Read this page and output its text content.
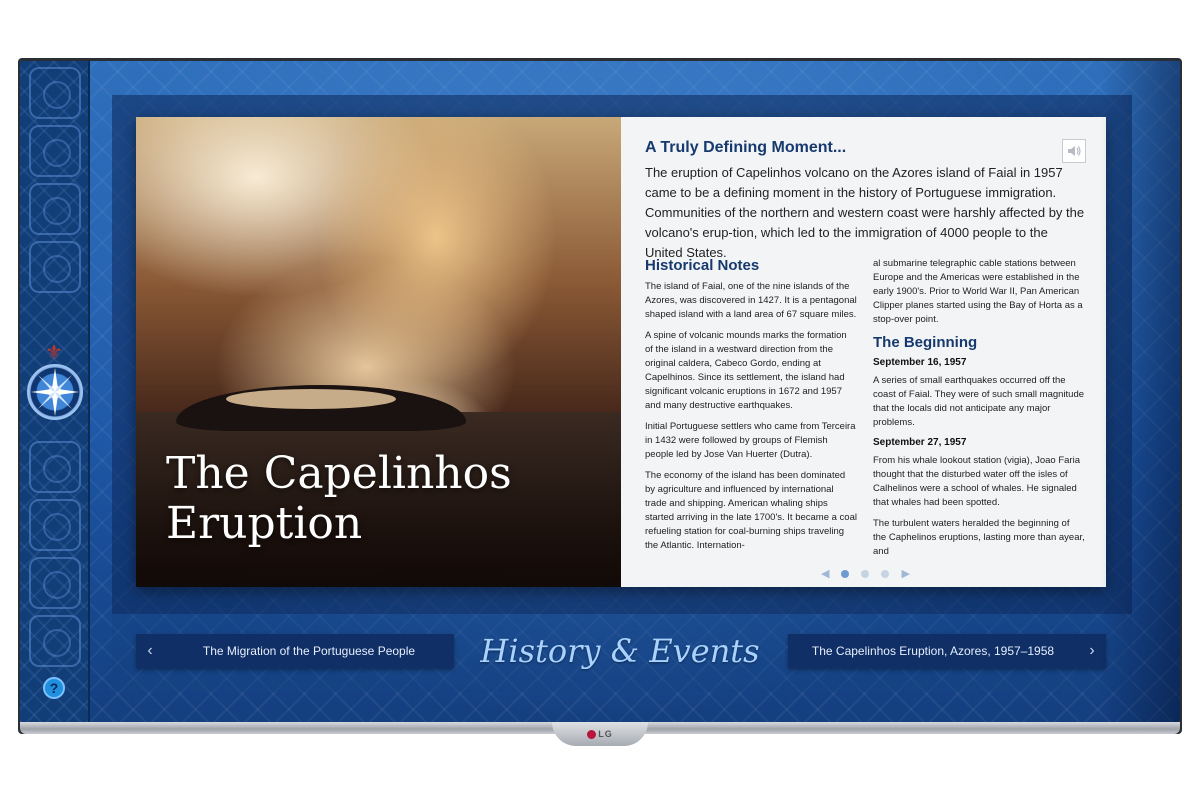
⚜
?
The Capelinhos
Eruption
A Truly Defining Moment...

The eruption of Capelinhos volcano on the Azores island of Faial in 1957 came to be a defining moment in the history of Portuguese immigration. Communities of the northern and western coast were harshly affected by the volcano's erup-tion, which led to the immigration of 4000 people to the United States.

Historical Notes

The island of Faial, one of the nine islands of the Azores, was discovered in 1427. It is a pentagonal shaped island with a land area of 67 square miles.

A spine of volcanic mounds marks the formation of the island in a westward direction from the original caldera, Cabeco Gordo, ending at Capelhinos. Since its settlement, the island had significant volcanic eruptions in 1672 and 1957 and many destructive earthquakes.

Initial Portuguese settlers who came from Terceira in 1432 were followed by groups of Flemish people led by Jose Van Huerter (Dutra).

The economy of the island has been dominated by agriculture and influenced by international trade and shipping. American whaling ships started arriving in the late 1700's. It became a coal refueling station for coal-burning ships traveling the Atlantic. Internation-

al submarine telegraphic cable stations between Europe and the Americas were established in the early 1900's. Prior to World War II, Pan American Clipper planes started using the Bay of Horta as a stop-over point.

The Beginning
September 16, 1957

A series of small earthquakes occurred off the coast of Faial. They were of such small magnitude that the locals did not anticipate any major problems.

September 27, 1957

From his whale lookout station (vigia), Joao Faria thought that the disturbed water off the isles of Calhelinos were a school of whales. He signaled that whales had been spotted.

The turbulent waters heralded the beginning of the Caphelinos eruptions, lasting more than ayear, and

◀	▶
‹	The Migration of the Portuguese People	History & Events	The Capelinhos Eruption, Azores, 1957–1958	›
LG
